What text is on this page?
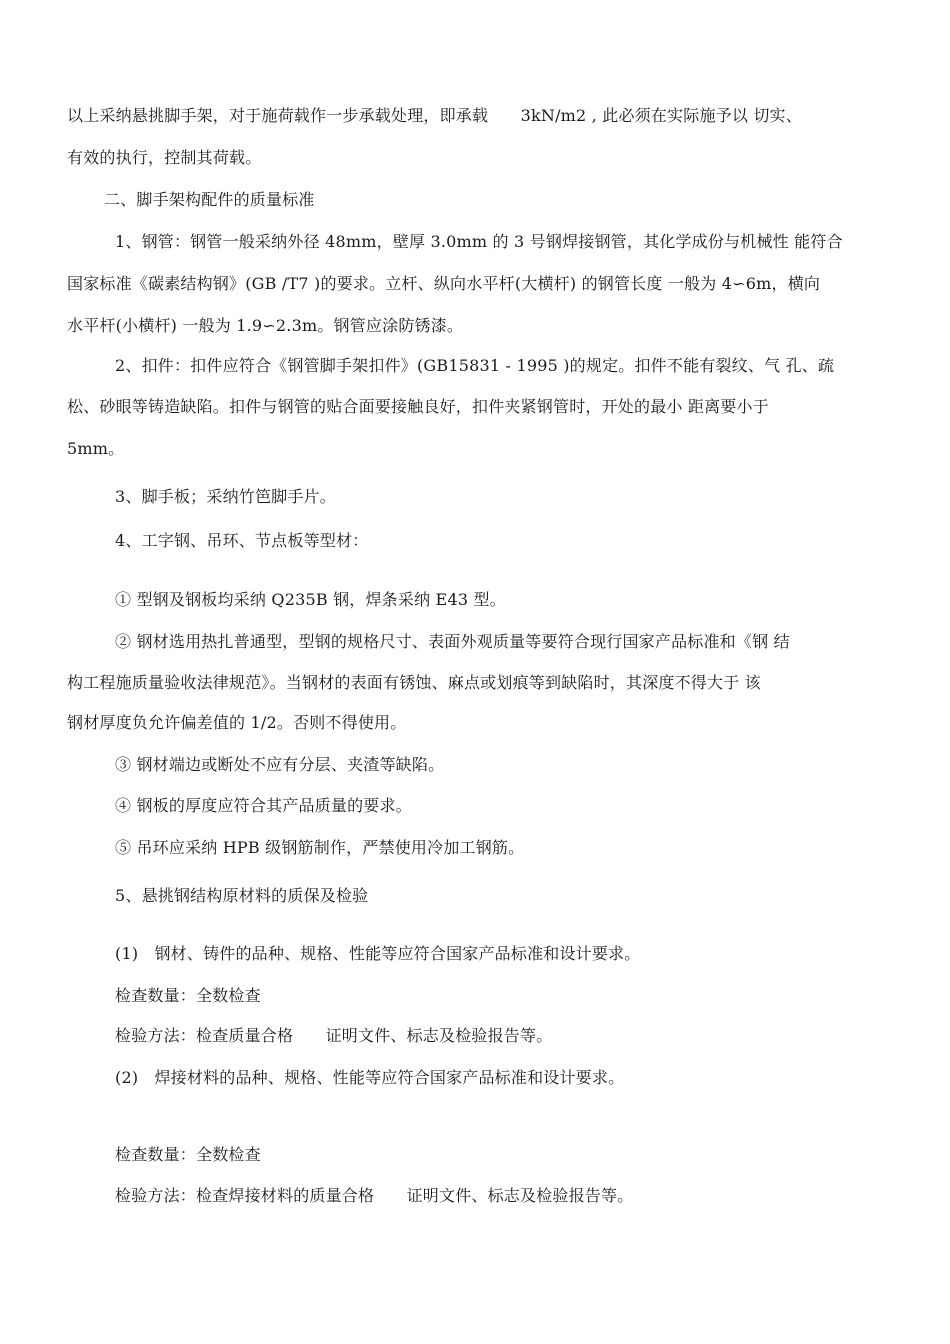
以上采纳悬挑脚手架，对于施荷载作一步承载处理，即承载　　3kN/m2 , 此必须在实际施予以 切实、
有效的执行，控制其荷载。
二、脚手架构配件的质量标准
1、钢管：钢管一般采纳外径 48mm，壁厚 3.0mm 的 3 号钢焊接钢管，其化学成份与机械性 能符合
国家标准《碳素结构钢》(GB /T7 )的要求。立杆、纵向水平杆(大横杆) 的钢管长度 一般为 4∽6m，横向
水平杆(小横杆) 一般为 1.9∽2.3m。钢管应涂防锈漆。
2、扣件：扣件应符合《钢管脚手架扣件》(GB15831 - 1995 )的规定。扣件不能有裂纹、气 孔、疏
松、砂眼等铸造缺陷。扣件与钢管的贴合面要接触良好，扣件夹紧钢管时，开处的最小 距离要小于
5mm。
3、脚手板；采纳竹笆脚手片。
4、工字钢、吊环、节点板等型材：
① 型钢及钢板均采纳 Q235B 钢，焊条采纳 E43 型。
② 钢材选用热扎普通型，型钢的规格尺寸、表面外观质量等要符合现行国家产品标准和《钢 结
构工程施质量验收法律规范》。当钢材的表面有锈蚀、麻点或划痕等到缺陷时，其深度不得大于 该
钢材厚度负允许偏差值的 1/2。否则不得使用。
③ 钢材端边或断处不应有分层、夹渣等缺陷。
④ 钢板的厚度应符合其产品质量的要求。
⑤ 吊环应采纳 HPB 级钢筋制作，严禁使用冷加工钢筋。
5、悬挑钢结构原材料的质保及检验
(1)　钢材、铸件的品种、规格、性能等应符合国家产品标准和设计要求。
检查数量：全数检查
检验方法：检查质量合格　　证明文件、标志及检验报告等。
(2)　焊接材料的品种、规格、性能等应符合国家产品标准和设计要求。
检查数量：全数检查
检验方法：检查焊接材料的质量合格　　证明文件、标志及检验报告等。
